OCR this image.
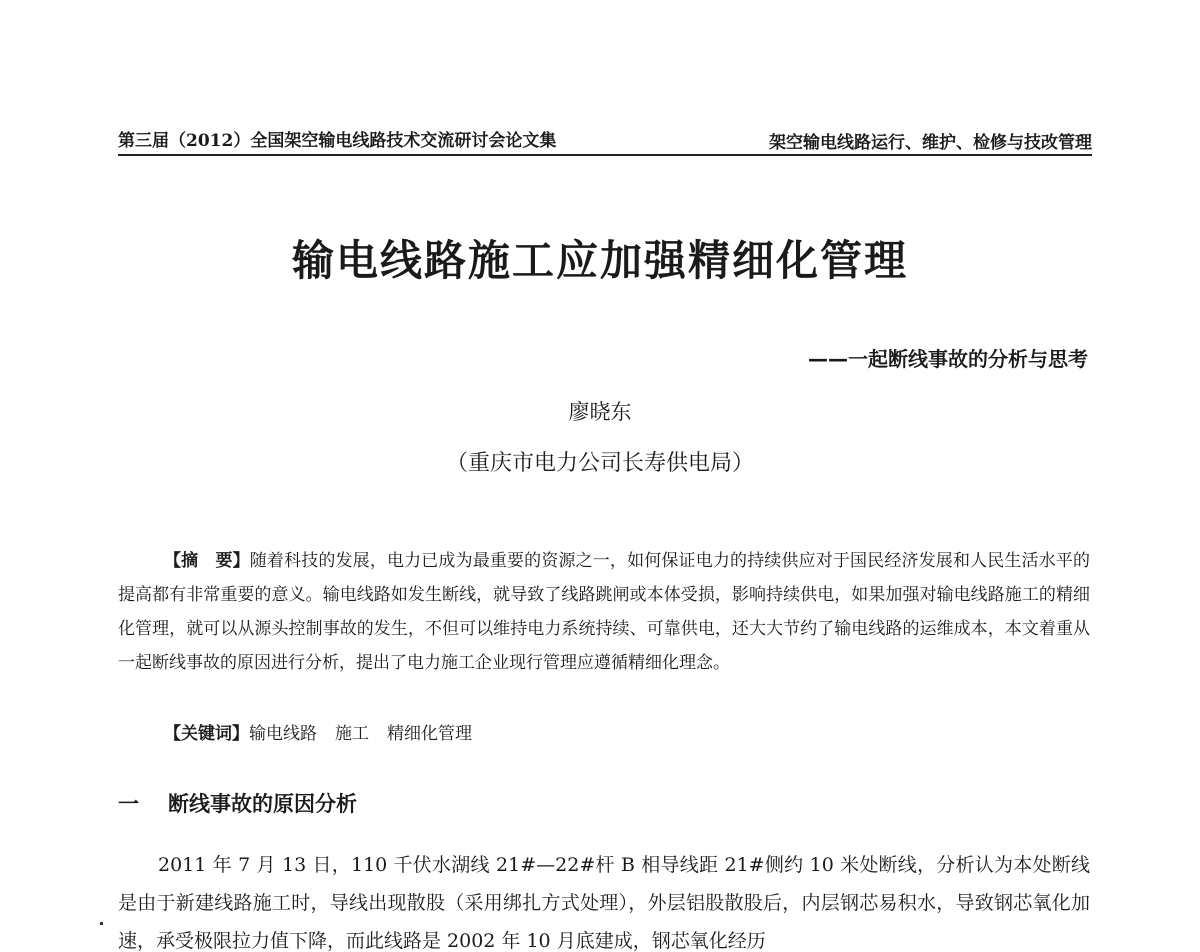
第三届（2012）全国架空输电线路技术交流研讨会论文集	架空输电线路运行、维护、检修与技改管理
输电线路施工应加强精细化管理
——一起断线事故的分析与思考
廖晓东
（重庆市电力公司长寿供电局）
【摘　要】随着科技的发展，电力已成为最重要的资源之一，如何保证电力的持续供应对于国民经济发展和人民生活水平的提高都有非常重要的意义。输电线路如发生断线，就导致了线路跳闸或本体受损，影响持续供电，如果加强对输电线路施工的精细化管理，就可以从源头控制事故的发生，不但可以维持电力系统持续、可靠供电，还大大节约了输电线路的运维成本，本文着重从一起断线事故的原因进行分析，提出了电力施工企业现行管理应遵循精细化理念。
【关键词】输电线路 施工 精细化管理
一 断线事故的原因分析
2011 年 7 月 13 日，110 千伏水湖线 21#—22#杆 B 相导线距 21#侧约 10 米处断线，分析认为本处断线是由于新建线路施工时，导线出现散股（采用绑扎方式处理），外层铝股散股后，内层钢芯易积水，导致钢芯氧化加速，承受极限拉力值下降，而此线路是 2002 年 10 月底建成，钢芯氧化经历
